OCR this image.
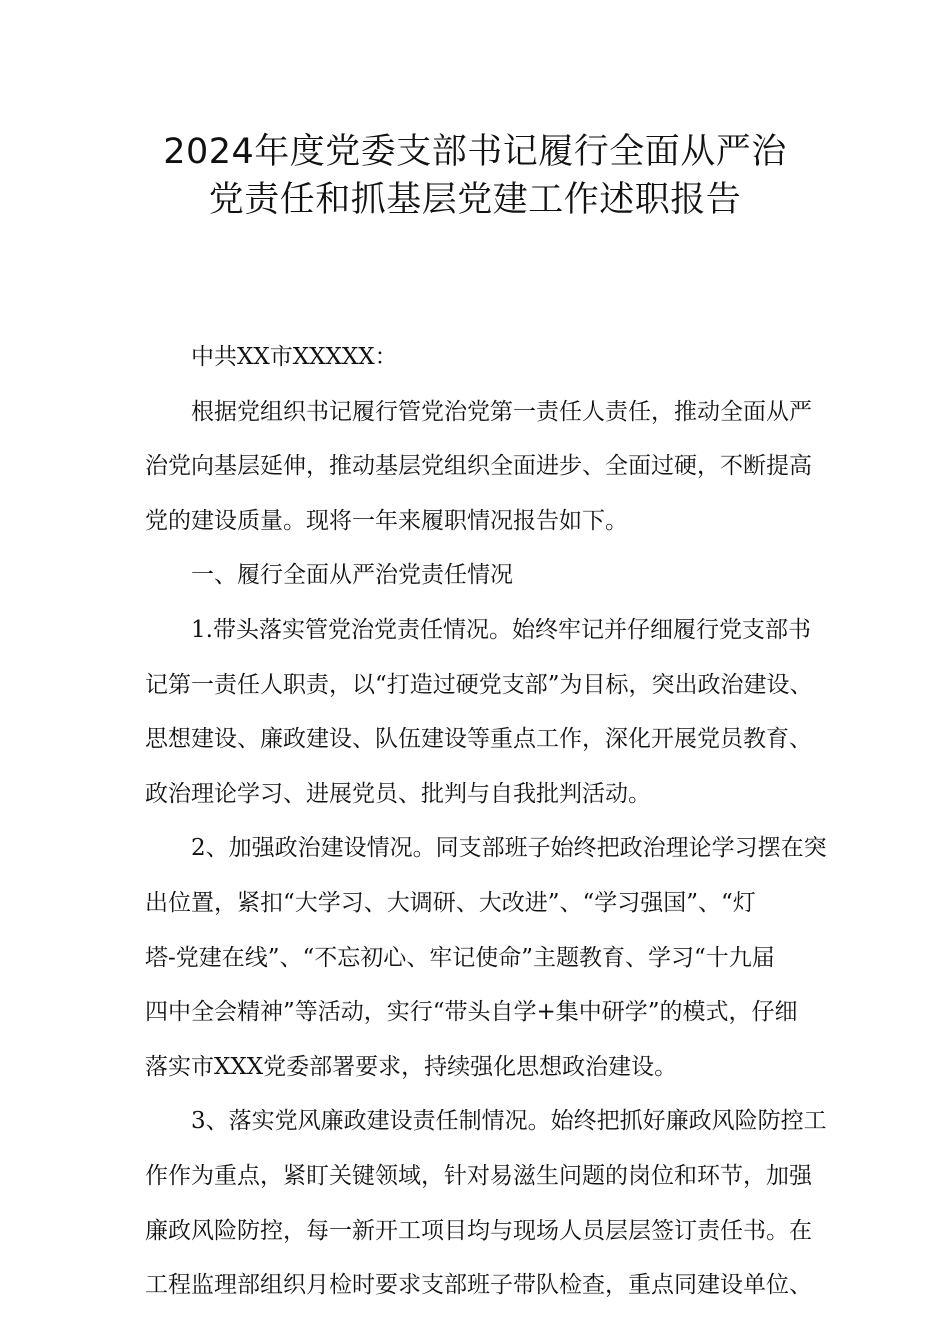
2024年度党委支部书记履行全面从严治
党责任和抓基层党建工作述职报告
中共XX市XXXXX：
根据党组织书记履行管党治党第一责任人责任，推动全面从严
治党向基层延伸，推动基层党组织全面进步、全面过硬，不断提高
党的建设质量。现将一年来履职情况报告如下。
一、履行全面从严治党责任情况
1.带头落实管党治党责任情况。始终牢记并仔细履行党支部书
记第一责任人职责，以“打造过硬党支部”为目标，突出政治建设、
思想建设、廉政建设、队伍建设等重点工作，深化开展党员教育、
政治理论学习、进展党员、批判与自我批判活动。
2、加强政治建设情况。同支部班子始终把政治理论学习摆在突
出位置，紧扣“大学习、大调研、大改进”、“学习强国”、“灯
塔-党建在线”、“不忘初心、牢记使命”主题教育、学习“十九届
四中全会精神”等活动，实行“带头自学+集中研学”的模式，仔细
落实市XXX党委部署要求，持续强化思想政治建设。
3、落实党风廉政建设责任制情况。始终把抓好廉政风险防控工
作作为重点，紧盯关键领域，针对易滋生问题的岗位和环节，加强
廉政风险防控，每一新开工项目均与现场人员层层签订责任书。在
工程监理部组织月检时要求支部班子带队检查，重点同建设单位、
